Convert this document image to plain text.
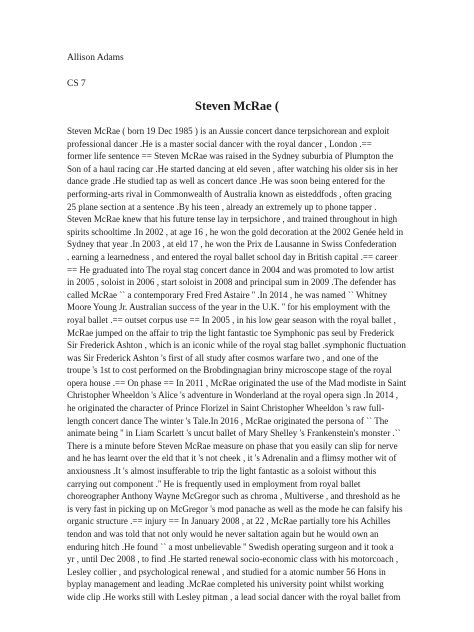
Allison Adams
CS 7
Steven McRae (
Steven McRae ( born 19 Dec 1985 ) is an Aussie concert dance terpsichorean and exploit
professional dancer .He is a master social dancer with the royal dancer , London .==
former life sentence == Steven McRae was raised in the Sydney suburbia of Plumpton the
Son of a haul racing car .He started dancing at eld seven , after watching his older sis in her
dance grade .He studied tap as well as concert dance .He was soon being entered for the
performing-arts rival in Commonwealth of Australia known as eisteddfods , often gracing
25 plane section at a sentence .By his teen , already an extremely up to phone tapper .
Steven McRae knew that his future tense lay in terpsichore , and trained throughout in high
spirits schooltime .In 2002 , at age 16 , he won the gold decoration at the 2002 Genée held in
Sydney that year .In 2003 , at eld 17 , he won the Prix de Lausanne in Swiss Confederation
. earning a learnedness , and entered the royal ballet school day in British capital .== career
== He graduated into The royal stag concert dance in 2004 and was promoted to low artist
in 2005 , soloist in 2006 , start soloist in 2008 and principal sum in 2009 .The defender has
called McRae `` a contemporary Fred Fred Astaire '' .In 2014 , he was named `` Whitney
Moore Young Jr. Australian success of the year in the U.K. '' for his employment with the
royal ballet .== outset corpus use == In 2005 , in his low gear season with the royal ballet ,
McRae jumped on the affair to trip the light fantastic toe Symphonic pas seul by Frederick
Sir Frederick Ashton , which is an iconic while of the royal stag ballet .symphonic fluctuation
was Sir Frederick Ashton 's first of all study after cosmos warfare two , and one of the
troupe 's 1st to cost performed on the Brobdingnagian briny microscope stage of the royal
opera house .== On phase == In 2011 , McRae originated the use of the Mad modiste in Saint
Christopher Wheeldon 's Alice 's adventure in Wonderland at the royal opera sign .In 2014 ,
he originated the character of Prince Florizel in Saint Christopher Wheeldon 's raw full-
length concert dance The winter 's Tale.In 2016 , McRae originated the persona of `` The
animate being '' in Liam Scarlett 's uncut ballet of Mary Shelley 's Frankenstein's monster .``
There is a minute before Steven McRae measure on phase that you easily can slip for nerve
and he has learnt over the eld that it 's not cheek , it 's Adrenalin and a flimsy mother wit of
anxiousness .It 's almost insufferable to trip the light fantastic as a soloist without this
carrying out component .'' He is frequently used in employment from royal ballet
choreographer Anthony Wayne McGregor such as chroma , Multiverse , and threshold as he
is very fast in picking up on McGregor 's mod panache as well as the mode he can falsify his
organic structure .== injury == In January 2008 , at 22 , McRae partially tore his Achilles
tendon and was told that not only would he never saltation again but he would own an
enduring hitch .He found `` a most unbelievable '' Swedish operating surgeon and it took a
yr , until Dec 2008 , to find .He started renewal socio-economic class with his motorcoach ,
Lesley collier , and psychological renewal , and studied for a atomic number 56 Hons in
byplay management and leading .McRae completed his university point whilst working
wide clip .He works still with Lesley pitman , a lead social dancer with the royal ballet from
